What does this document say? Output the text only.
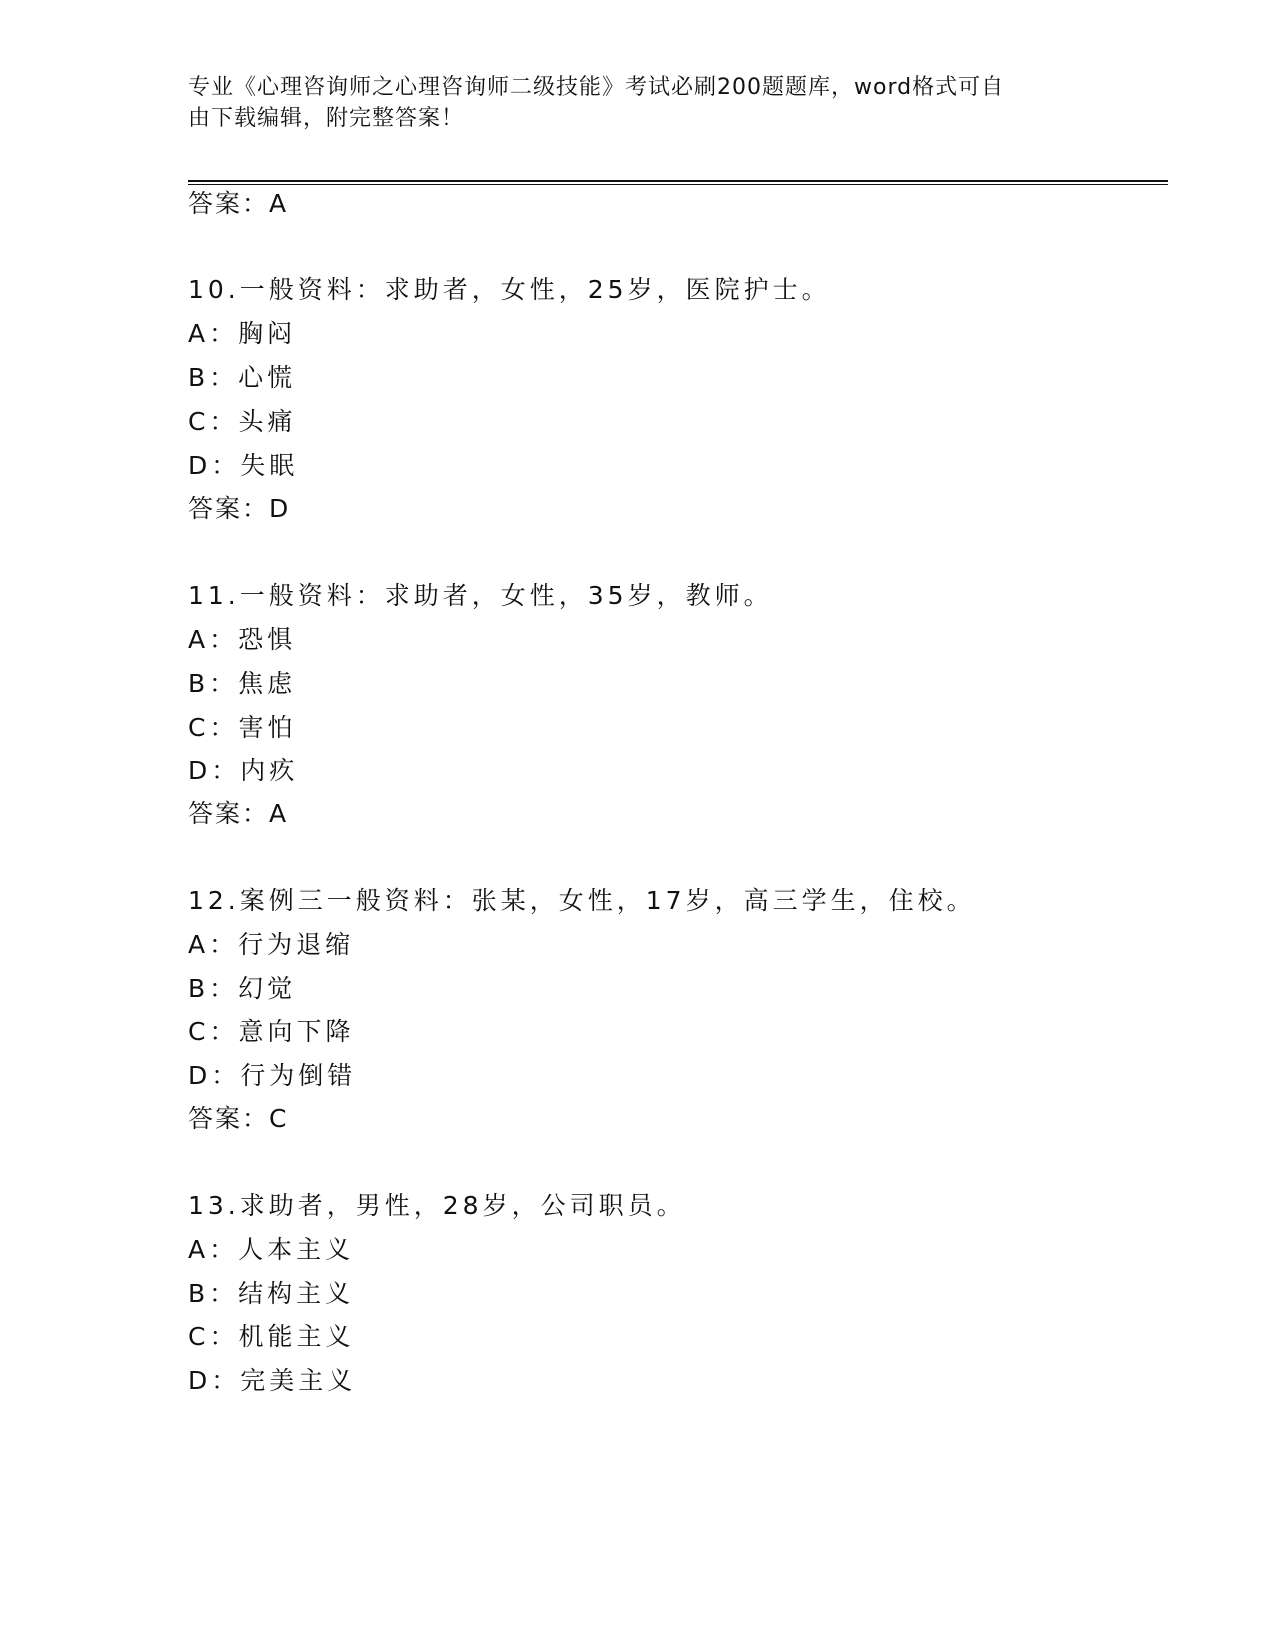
专业《心理咨询师之心理咨询师二级技能》考试必刷200题题库，word格式可自
由下载编辑，附完整答案！
答案：A
10.一般资料：求助者，女性，25岁，医院护士。
A：胸闷
B：心慌
C：头痛
D：失眠
答案：D
11.一般资料：求助者，女性，35岁，教师。
A：恐惧
B：焦虑
C：害怕
D：内疚
答案：A
12.案例三一般资料：张某，女性，17岁，高三学生，住校。
A：行为退缩
B：幻觉
C：意向下降
D：行为倒错
答案：C
13.求助者，男性，28岁，公司职员。
A：人本主义
B：结构主义
C：机能主义
D：完美主义
